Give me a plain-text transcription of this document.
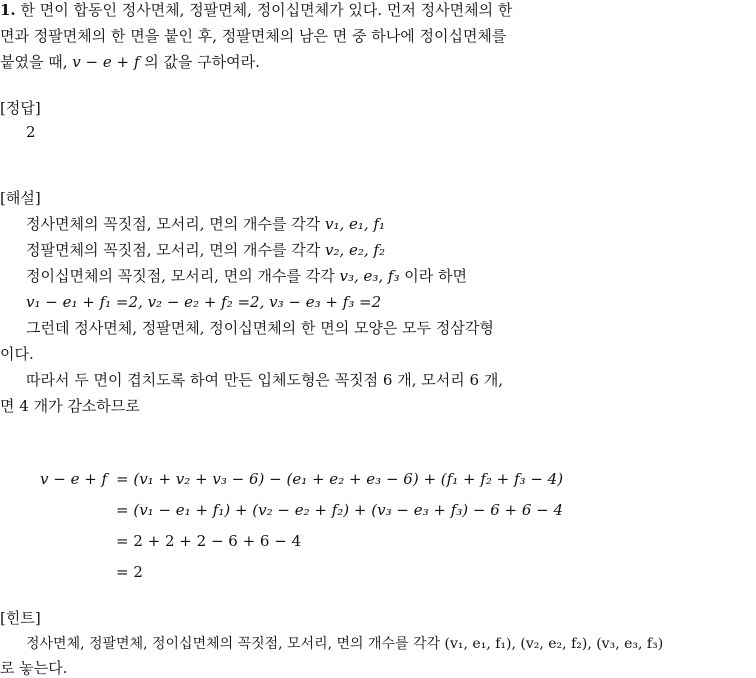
1. 한 면이 합동인 정사면체, 정팔면체, 정이십면체가 있다. 먼저 정사면체의 한
면과 정팔면체의 한 면을 붙인 후, 정팔면체의 남은 면 중 하나에 정이십면체를
붙였을 때, v − e + f 의 값을 구하여라.
[정답]
2
[해설]
정사면체의 꼭짓점, 모서리, 면의 개수를 각각 v₁, e₁, f₁
정팔면체의 꼭짓점, 모서리, 면의 개수를 각각 v₂, e₂, f₂
정이십면체의 꼭짓점, 모서리, 면의 개수를 각각 v₃, e₃, f₃ 이라 하면
v₁ − e₁ + f₁ =2, v₂ − e₂ + f₂ =2, v₃ − e₃ + f₃ =2
그런데 정사면체, 정팔면체, 정이십면체의 한 면의 모양은 모두 정삼각형
이다.
따라서 두 면이 겹치도록 하여 만든 입체도형은 꼭짓점 6 개, 모서리 6 개,
면 4 개가 감소하므로
v − e + f = (v₁ + v₂ + v₃ − 6) − (e₁ + e₂ + e₃ − 6) + (f₁ + f₂ + f₃ − 4)
= (v₁ − e₁ + f₁) + (v₂ − e₂ + f₂) + (v₃ − e₃ + f₃) − 6 + 6 − 4
= 2 + 2 + 2 − 6 + 6 − 4
= 2
[힌트]
정사면체, 정팔면체, 정이십면체의 꼭짓점, 모서리, 면의 개수를 각각 (v₁, e₁, f₁), (v₂, e₂, f₂), (v₃, e₃, f₃)
로 놓는다.
